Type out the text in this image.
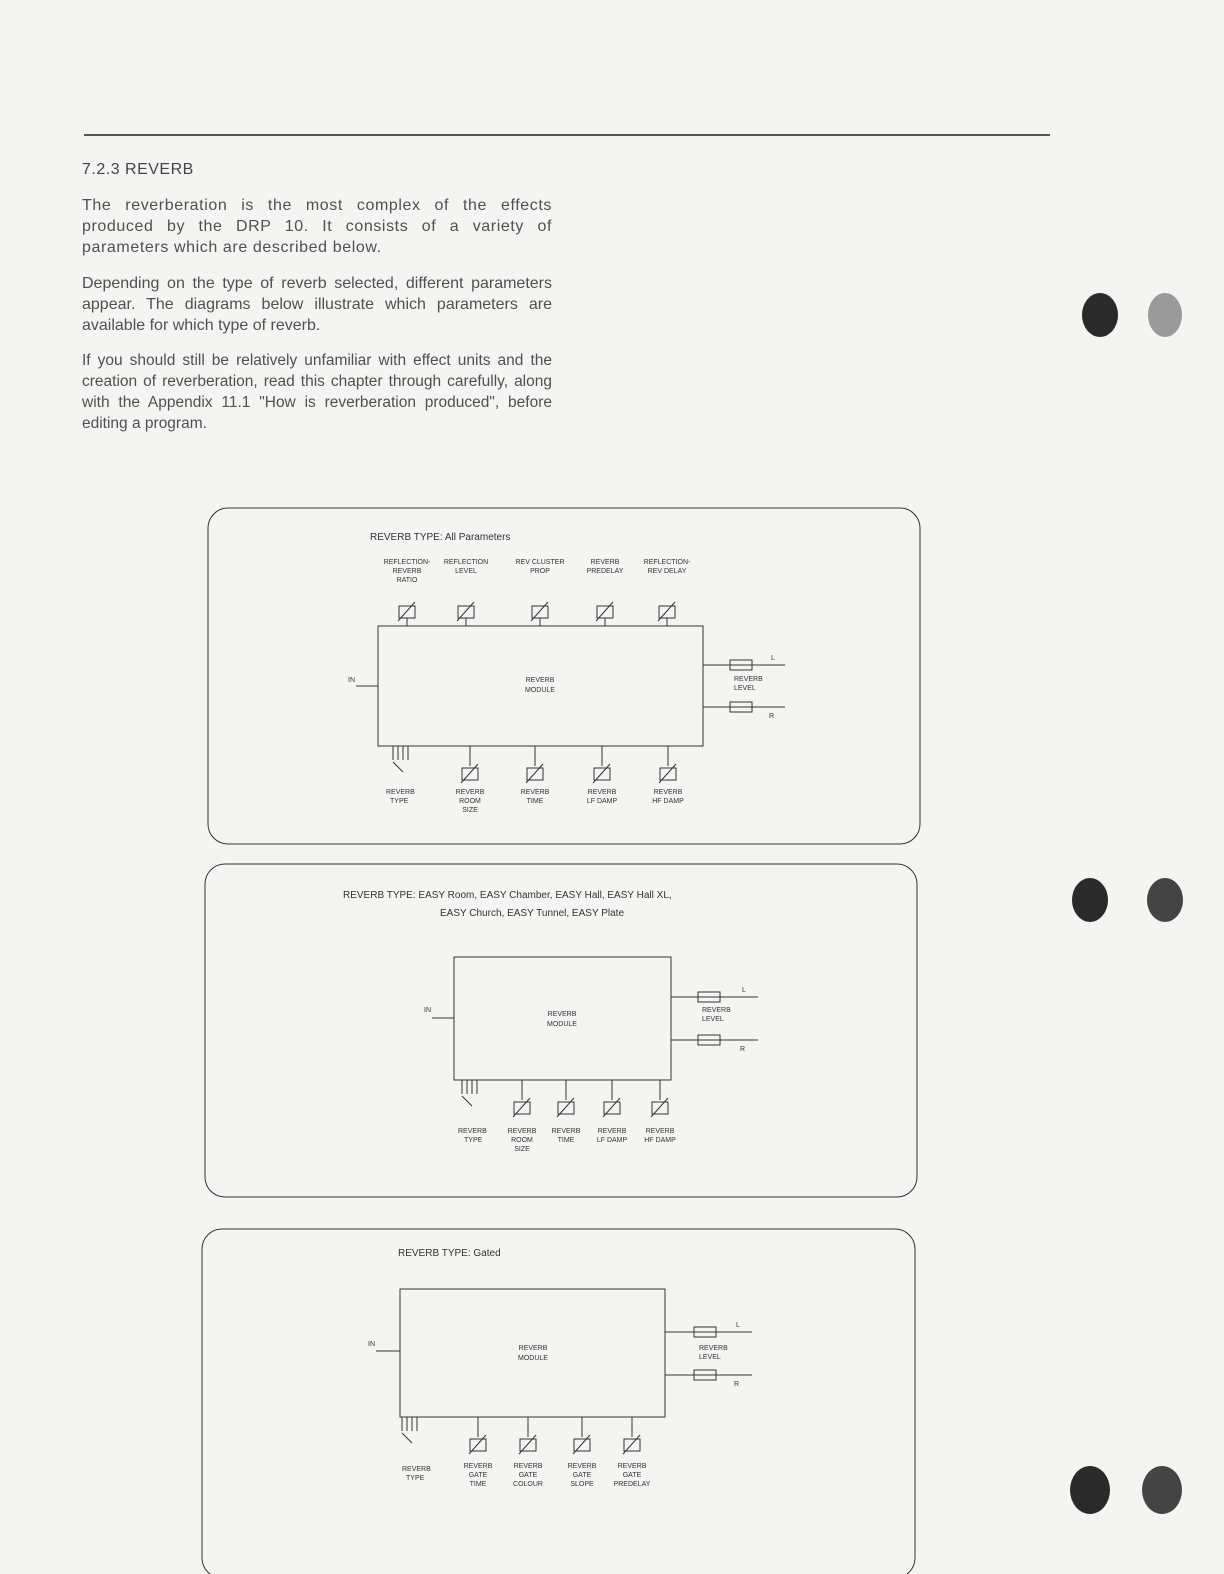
7.2.3 REVERB

The reverberation is the most complex of the effects produced by the DRP 10. It consists of a variety of parameters which are described below.

Depending on the type of reverb selected, different parameters appear. The diagrams below illustrate which parameters are available for which type of reverb.

If you should still be relatively unfamiliar with effect units and the creation of reverberation, read this chapter through carefully, along with the Appendix 11.1 "How is reverberation produced", before editing a program.

REVERB TYPE: All Parameters
REVERB
MODULE
IN
L
R
REVERB
LEVEL
REVERB
TYPE
REVERB TYPE: EASY Room, EASY Chamber, EASY Hall, EASY Hall XL,
EASY Church, EASY Tunnel, EASY Plate
REVERB
MODULE
IN
L
R
REVERB
LEVEL
REVERB
TYPE
REVERB TYPE: Gated
REVERB
MODULE
IN
L
R
REVERB
LEVEL
REVERB
TYPE
REFLECTION-
REVERB
RATIO
REFLECTION
LEVEL
REV CLUSTER
PROP
REVERB
PREDELAY
REFLECTION-
REV DELAY
REVERB
ROOM
SIZE
REVERB
TIME
REVERB
LF DAMP
REVERB
HF DAMP
REVERB
ROOM
SIZE
REVERB
TIME
REVERB
LF DAMP
REVERB
HF DAMP
REVERB
GATE
TIME
REVERB
GATE
COLOUR
REVERB
GATE
SLOPE
REVERB
GATE
PREDELAY
